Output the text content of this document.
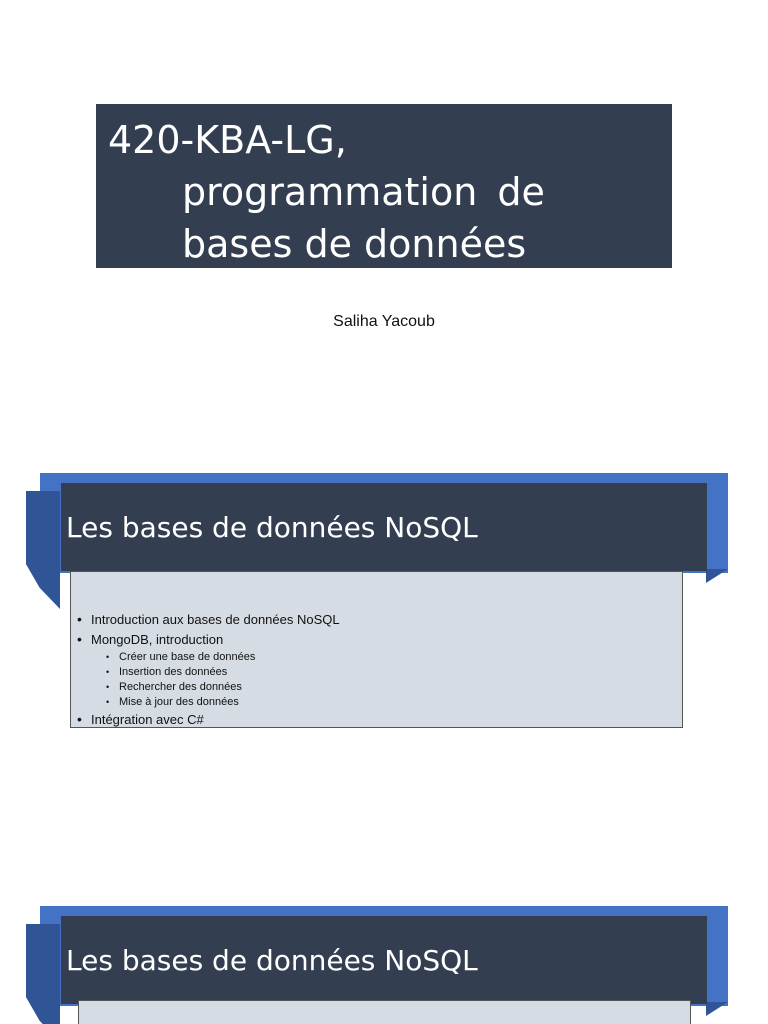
420-KBA-LG,
programmation de
bases de données
Saliha Yacoub
Les bases de données NoSQL
• Introduction aux bases de données NoSQL
• MongoDB, introduction
• Créer une base de données
• Insertion des données
• Rechercher des données
• Mise à jour des données
• Intégration avec C#
Les bases de données NoSQL
